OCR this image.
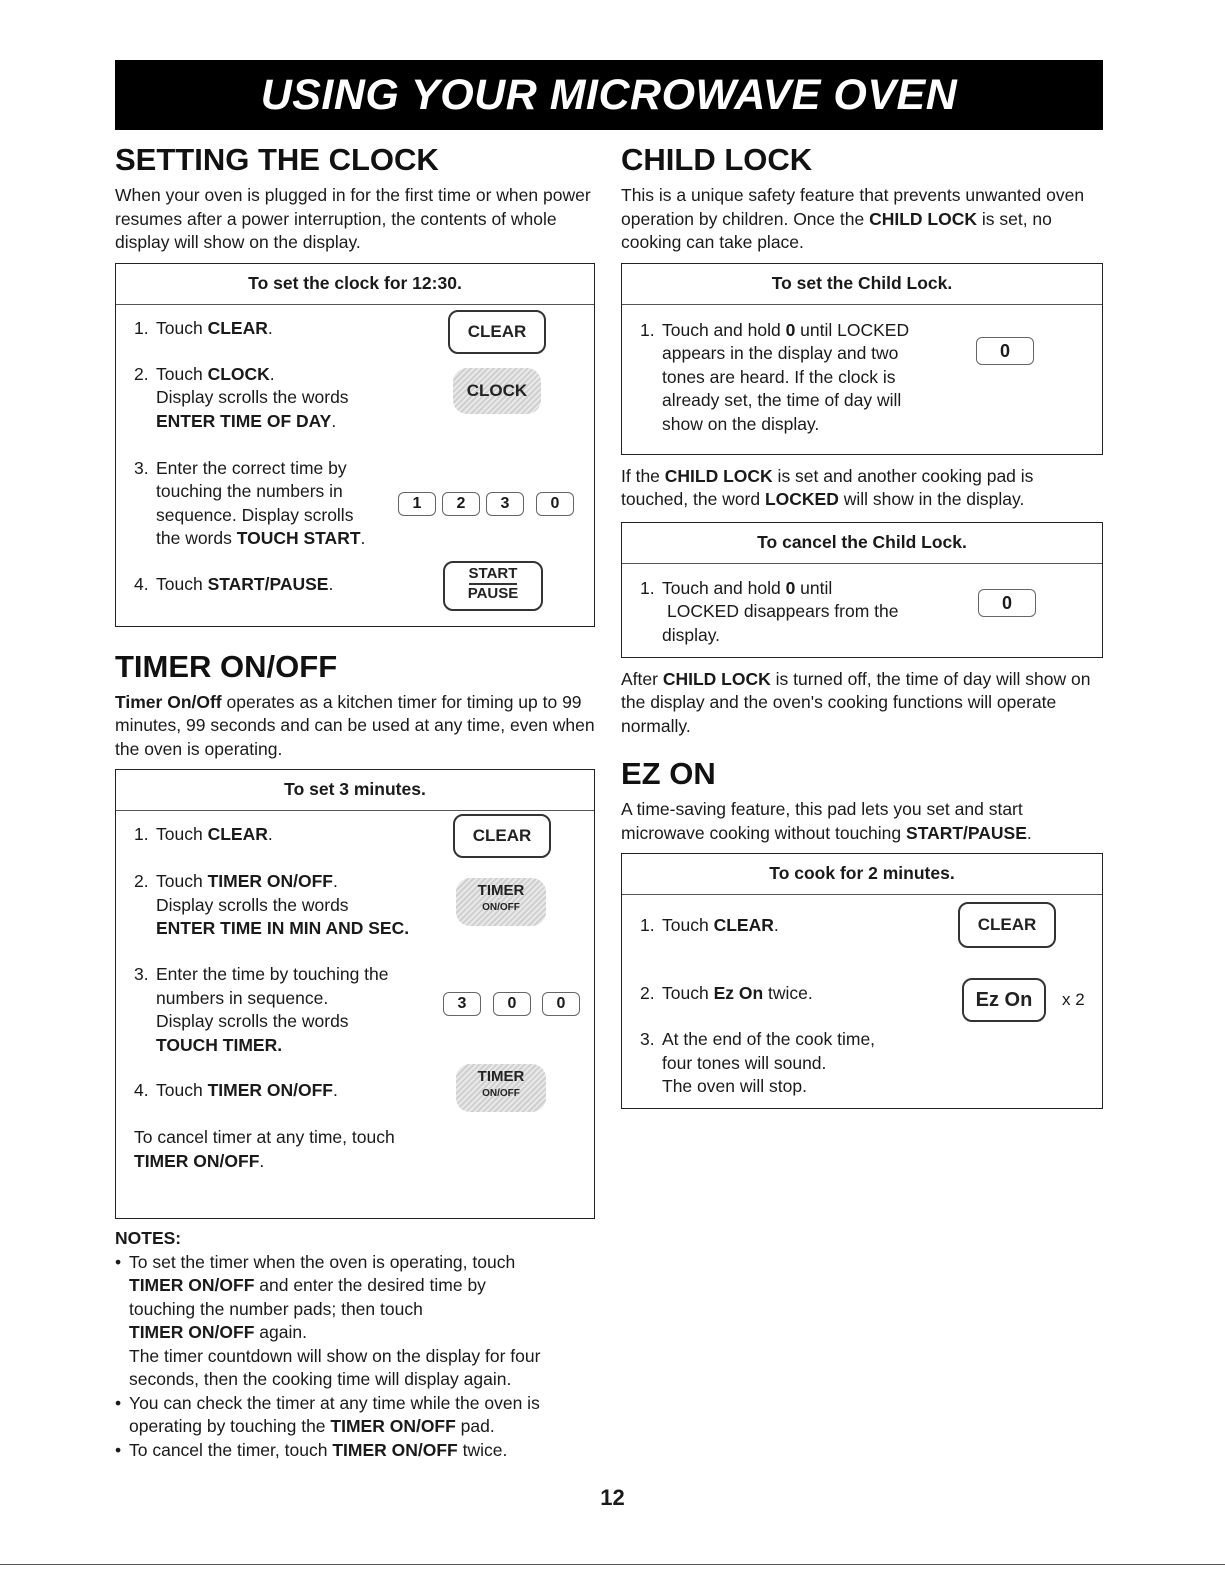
USING YOUR MICROWAVE OVEN
SETTING THE CLOCK

When your oven is plugged in for the first time or when power resumes after a power interruption, the contents of whole display will show on the display.

To set the clock for 12:30.
1. Touch CLEAR.	CLEAR
2. Touch CLOCK.
Display scrolls the words
ENTER TIME OF DAY.
CLOCK
3. Enter the correct time by
touching the numbers in
sequence. Display scrolls
the words TOUCH START.
1	2	3	0
4. Touch START/PAUSE.
START
PAUSE
TIMER ON/OFF

Timer On/Off operates as a kitchen timer for timing up to 99 minutes, 99 seconds and can be used at any time, even when the oven is operating.

To set 3 minutes.
1. Touch CLEAR.	CLEAR
2. Touch TIMER ON/OFF.
Display scrolls the words
ENTER TIME IN MIN AND SEC.
TIMER
ON/OFF
3. Enter the time by touching the
numbers in sequence.
Display scrolls the words
TOUCH TIMER.
3	0	0
4. Touch TIMER ON/OFF.
TIMER
ON/OFF
To cancel timer at any time, touch
TIMER ON/OFF.
NOTES:
• To set the timer when the oven is operating, touch
TIMER ON/OFF and enter the desired time by
touching the number pads; then touch
TIMER ON/OFF again.
The timer countdown will show on the display for four seconds, then the cooking time will display again.
• You can check the timer at any time while the oven is operating by touching the TIMER ON/OFF pad.
• To cancel the timer, touch TIMER ON/OFF twice.
CHILD LOCK

This is a unique safety feature that prevents unwanted oven operation by children. Once the CHILD LOCK is set, no cooking can take place.

To set the Child Lock.
1. Touch and hold 0 until LOCKED
appears in the display and two
tones are heard. If the clock is
already set, the time of day will
show on the display.
0

If the CHILD LOCK is set and another cooking pad is touched, the word LOCKED will show in the display.

To cancel the Child Lock.
1. Touch and hold 0 until
LOCKED disappears from the
display.
0

After CHILD LOCK is turned off, the time of day will show on the display and the oven's cooking functions will operate normally.

EZ ON

A time-saving feature, this pad lets you set and start microwave cooking without touching START/PAUSE.

To cook for 2 minutes.
1. Touch CLEAR.	CLEAR
2. Touch Ez On twice.	Ez On	x 2
3. At the end of the cook time,
four tones will sound.
The oven will stop.
12
